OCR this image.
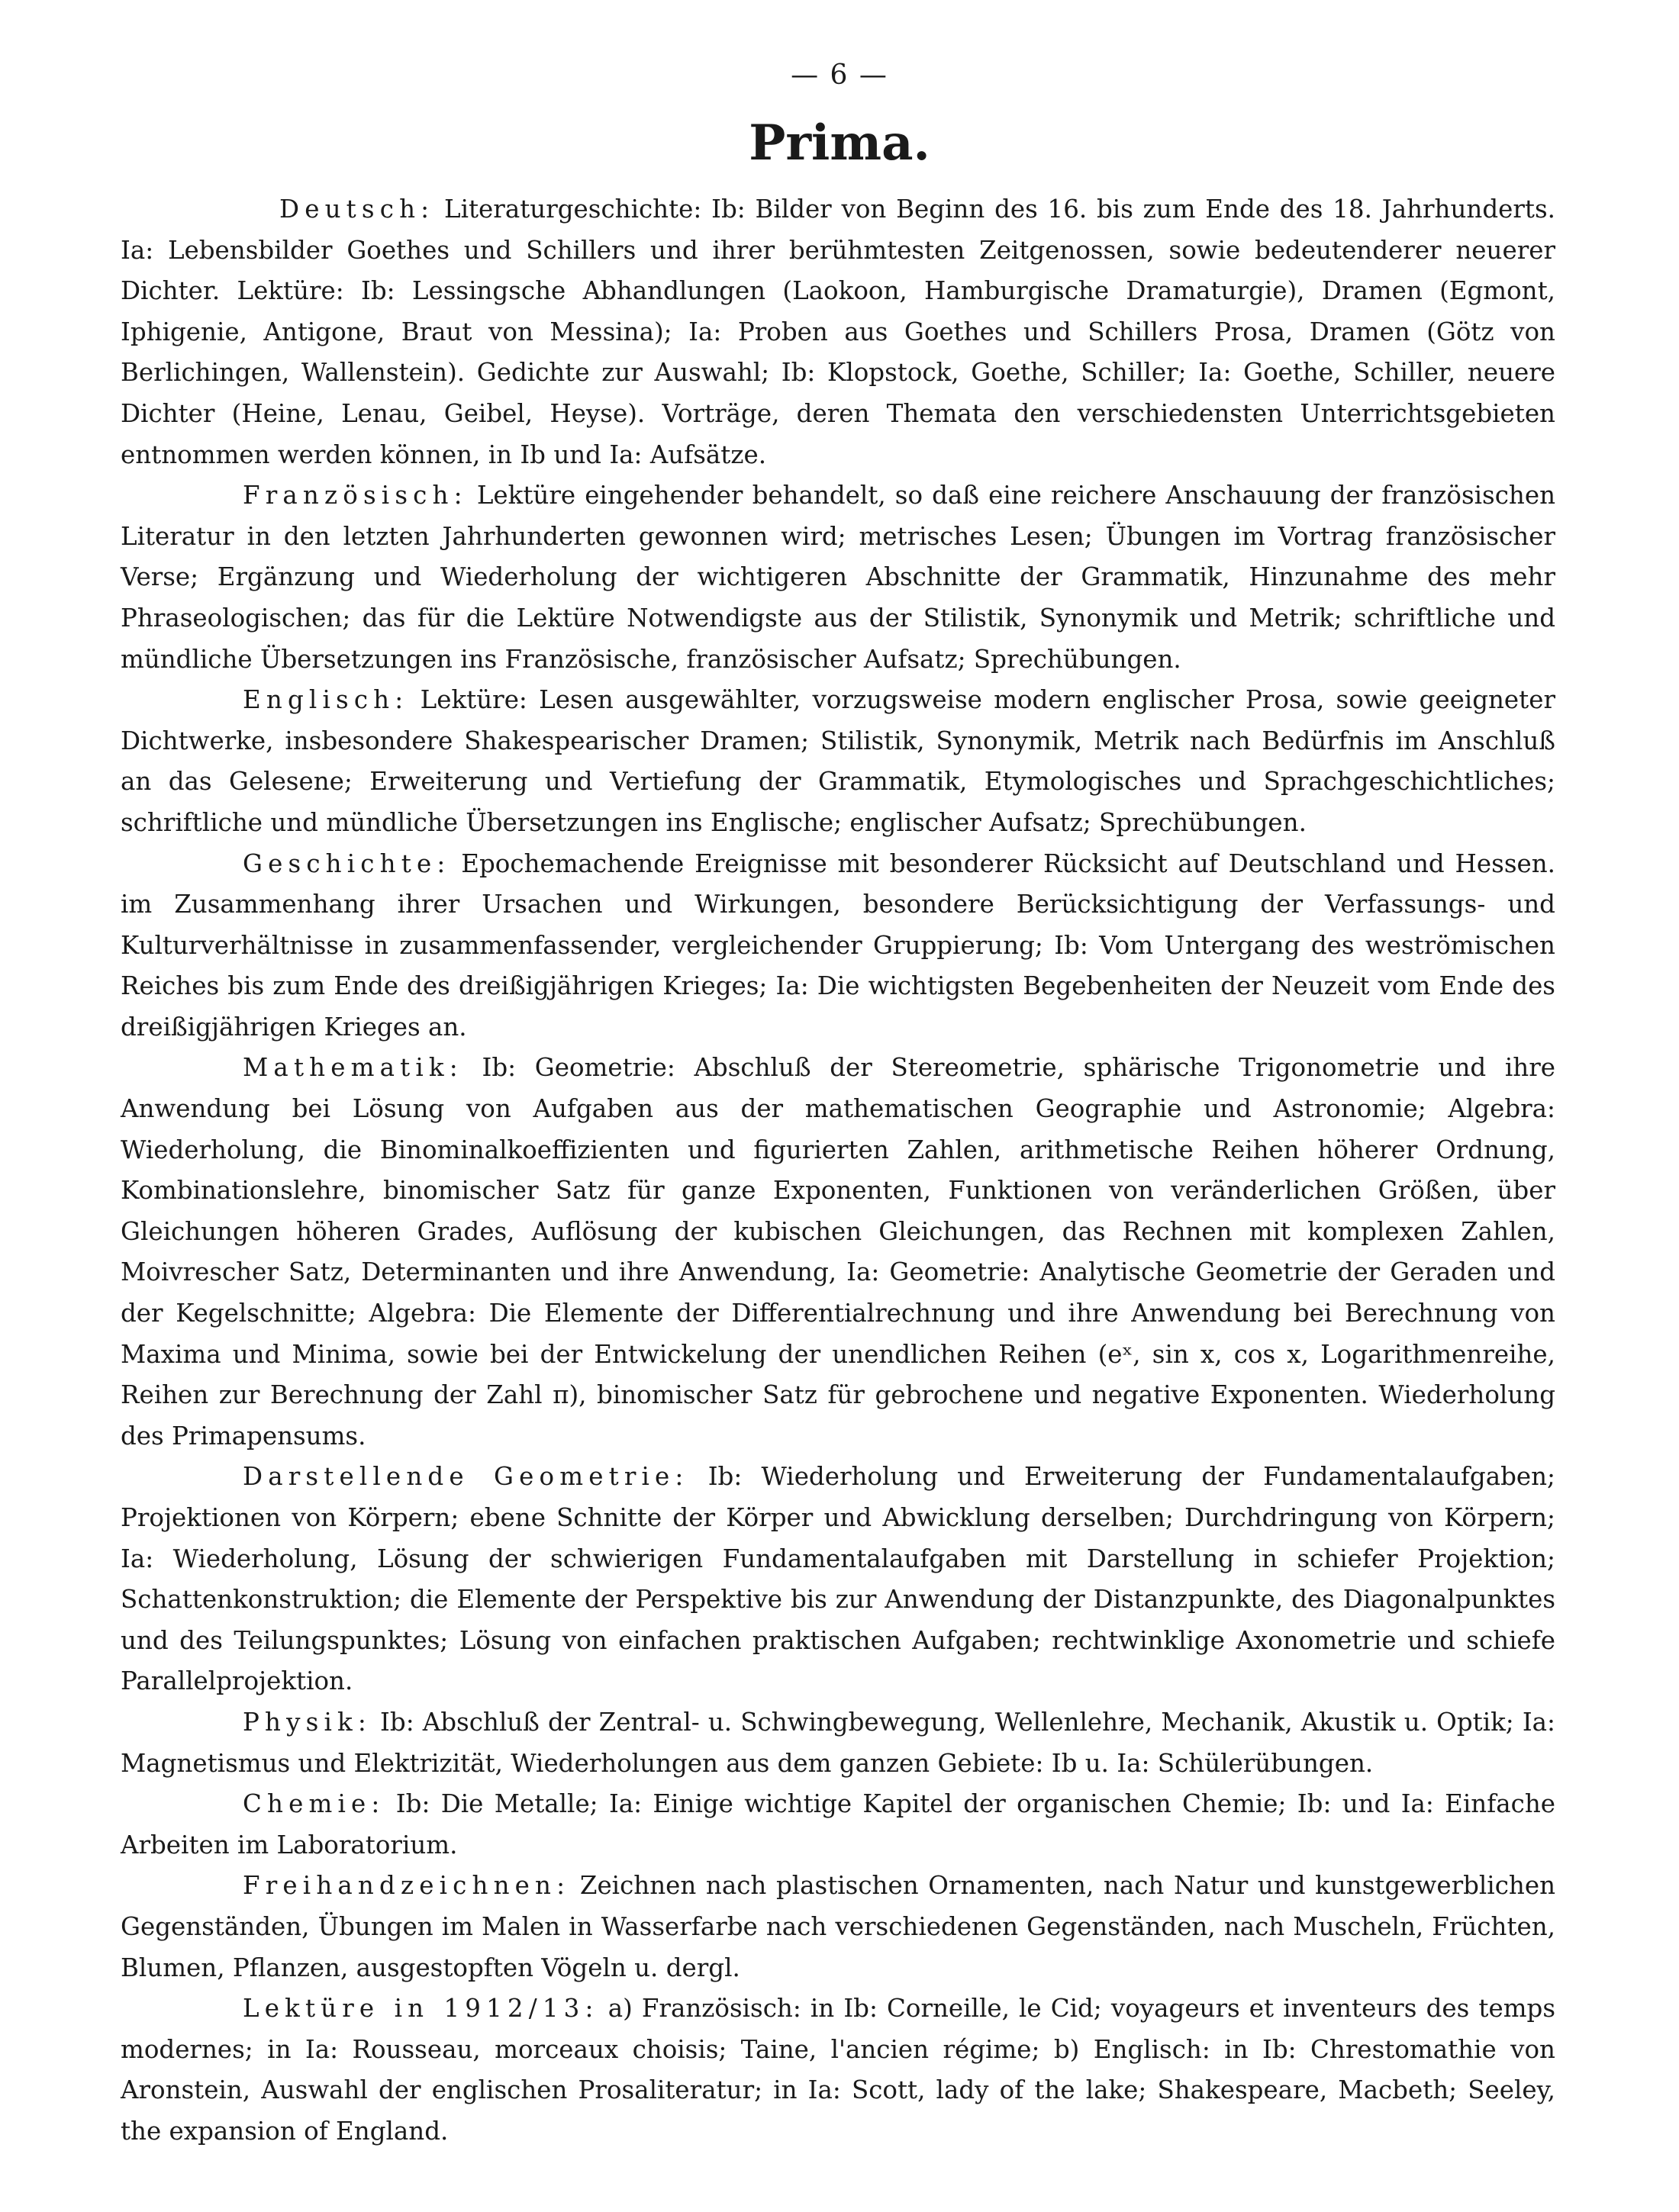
— 6 —
Prima.

Deutsch: Literaturgeschichte: Ib: Bilder von Beginn des 16. bis zum Ende des 18. Jahrhunderts. Ia: Lebensbilder Goethes und Schillers und ihrer berühmtesten Zeitgenossen, sowie bedeutenderer neuerer Dichter. Lektüre: Ib: Lessingsche Abhandlungen (Laokoon, Hamburgische Dramaturgie), Dramen (Egmont, Iphigenie, Antigone, Braut von Messina); Ia: Proben aus Goethes und Schillers Prosa, Dramen (Götz von Berlichingen, Wallenstein). Gedichte zur Auswahl; Ib: Klopstock, Goethe, Schiller; Ia: Goethe, Schiller, neuere Dichter (Heine, Lenau, Geibel, Heyse). Vorträge, deren Themata den verschiedensten Unterrichtsgebieten entnommen werden können, in Ib und Ia: Aufsätze.

Französisch: Lektüre eingehender behandelt, so daß eine reichere Anschauung der französischen Literatur in den letzten Jahrhunderten gewonnen wird; metrisches Lesen; Übungen im Vortrag französischer Verse; Ergänzung und Wiederholung der wichtigeren Abschnitte der Grammatik, Hinzunahme des mehr Phraseologischen; das für die Lektüre Notwendigste aus der Stilistik, Synonymik und Metrik; schriftliche und mündliche Übersetzungen ins Französische, französischer Aufsatz; Sprechübungen.

Englisch: Lektüre: Lesen ausgewählter, vorzugsweise modern englischer Prosa, sowie geeigneter Dichtwerke, insbesondere Shakespearischer Dramen; Stilistik, Synonymik, Metrik nach Bedürfnis im Anschluß an das Gelesene; Erweiterung und Vertiefung der Grammatik, Etymologisches und Sprachgeschichtliches; schriftliche und mündliche Übersetzungen ins Englische; englischer Aufsatz; Sprechübungen.

Geschichte: Epochemachende Ereignisse mit besonderer Rücksicht auf Deutschland und Hessen. im Zusammenhang ihrer Ursachen und Wirkungen, besondere Berücksichtigung der Verfassungs- und Kulturverhältnisse in zusammenfassender, vergleichender Gruppierung; Ib: Vom Untergang des weströmischen Reiches bis zum Ende des dreißigjährigen Krieges; Ia: Die wichtigsten Begebenheiten der Neuzeit vom Ende des dreißigjährigen Krieges an.

Mathematik: Ib: Geometrie: Abschluß der Stereometrie, sphärische Trigonometrie und ihre Anwendung bei Lösung von Aufgaben aus der mathematischen Geographie und Astronomie; Algebra: Wiederholung, die Binominalkoeffizienten und figurierten Zahlen, arithmetische Reihen höherer Ordnung, Kombinationslehre, binomischer Satz für ganze Exponenten, Funktionen von veränderlichen Größen, über Gleichungen höheren Grades, Auflösung der kubischen Gleichungen, das Rechnen mit komplexen Zahlen, Moivrescher Satz, Determinanten und ihre Anwendung, Ia: Geometrie: Analytische Geometrie der Geraden und der Kegelschnitte; Algebra: Die Elemente der Differentialrechnung und ihre Anwendung bei Berechnung von Maxima und Minima, sowie bei der Entwickelung der unendlichen Reihen (eˣ, sin x, cos x, Logarithmenreihe, Reihen zur Berechnung der Zahl π), binomischer Satz für gebrochene und negative Exponenten. Wiederholung des Primapensums.

Darstellende Geometrie: Ib: Wiederholung und Erweiterung der Fundamentalaufgaben; Projektionen von Körpern; ebene Schnitte der Körper und Abwicklung derselben; Durchdringung von Körpern; Ia: Wiederholung, Lösung der schwierigen Fundamentalaufgaben mit Darstellung in schiefer Projektion; Schattenkonstruktion; die Elemente der Perspektive bis zur Anwendung der Distanzpunkte, des Diagonalpunktes und des Teilungspunktes; Lösung von einfachen praktischen Aufgaben; rechtwinklige Axonometrie und schiefe Parallelprojektion.

Physik: Ib: Abschluß der Zentral- u. Schwingbewegung, Wellenlehre, Mechanik, Akustik u. Optik; Ia: Magnetismus und Elektrizität, Wiederholungen aus dem ganzen Gebiete: Ib u. Ia: Schülerübungen.

Chemie: Ib: Die Metalle; Ia: Einige wichtige Kapitel der organischen Chemie; Ib: und Ia: Einfache Arbeiten im Laboratorium.

Freihandzeichnen: Zeichnen nach plastischen Ornamenten, nach Natur und kunstgewerblichen Gegenständen, Übungen im Malen in Wasserfarbe nach verschiedenen Gegenständen, nach Muscheln, Früchten, Blumen, Pflanzen, ausgestopften Vögeln u. dergl.

Lektüre in 1912/13: a) Französisch: in Ib: Corneille, le Cid; voyageurs et inventeurs des temps modernes; in Ia: Rousseau, morceaux choisis; Taine, l'ancien régime; b) Englisch: in Ib: Chrestomathie von Aronstein, Auswahl der englischen Prosaliteratur; in Ia: Scott, lady of the lake; Shakespeare, Macbeth; Seeley, the expansion of England.
